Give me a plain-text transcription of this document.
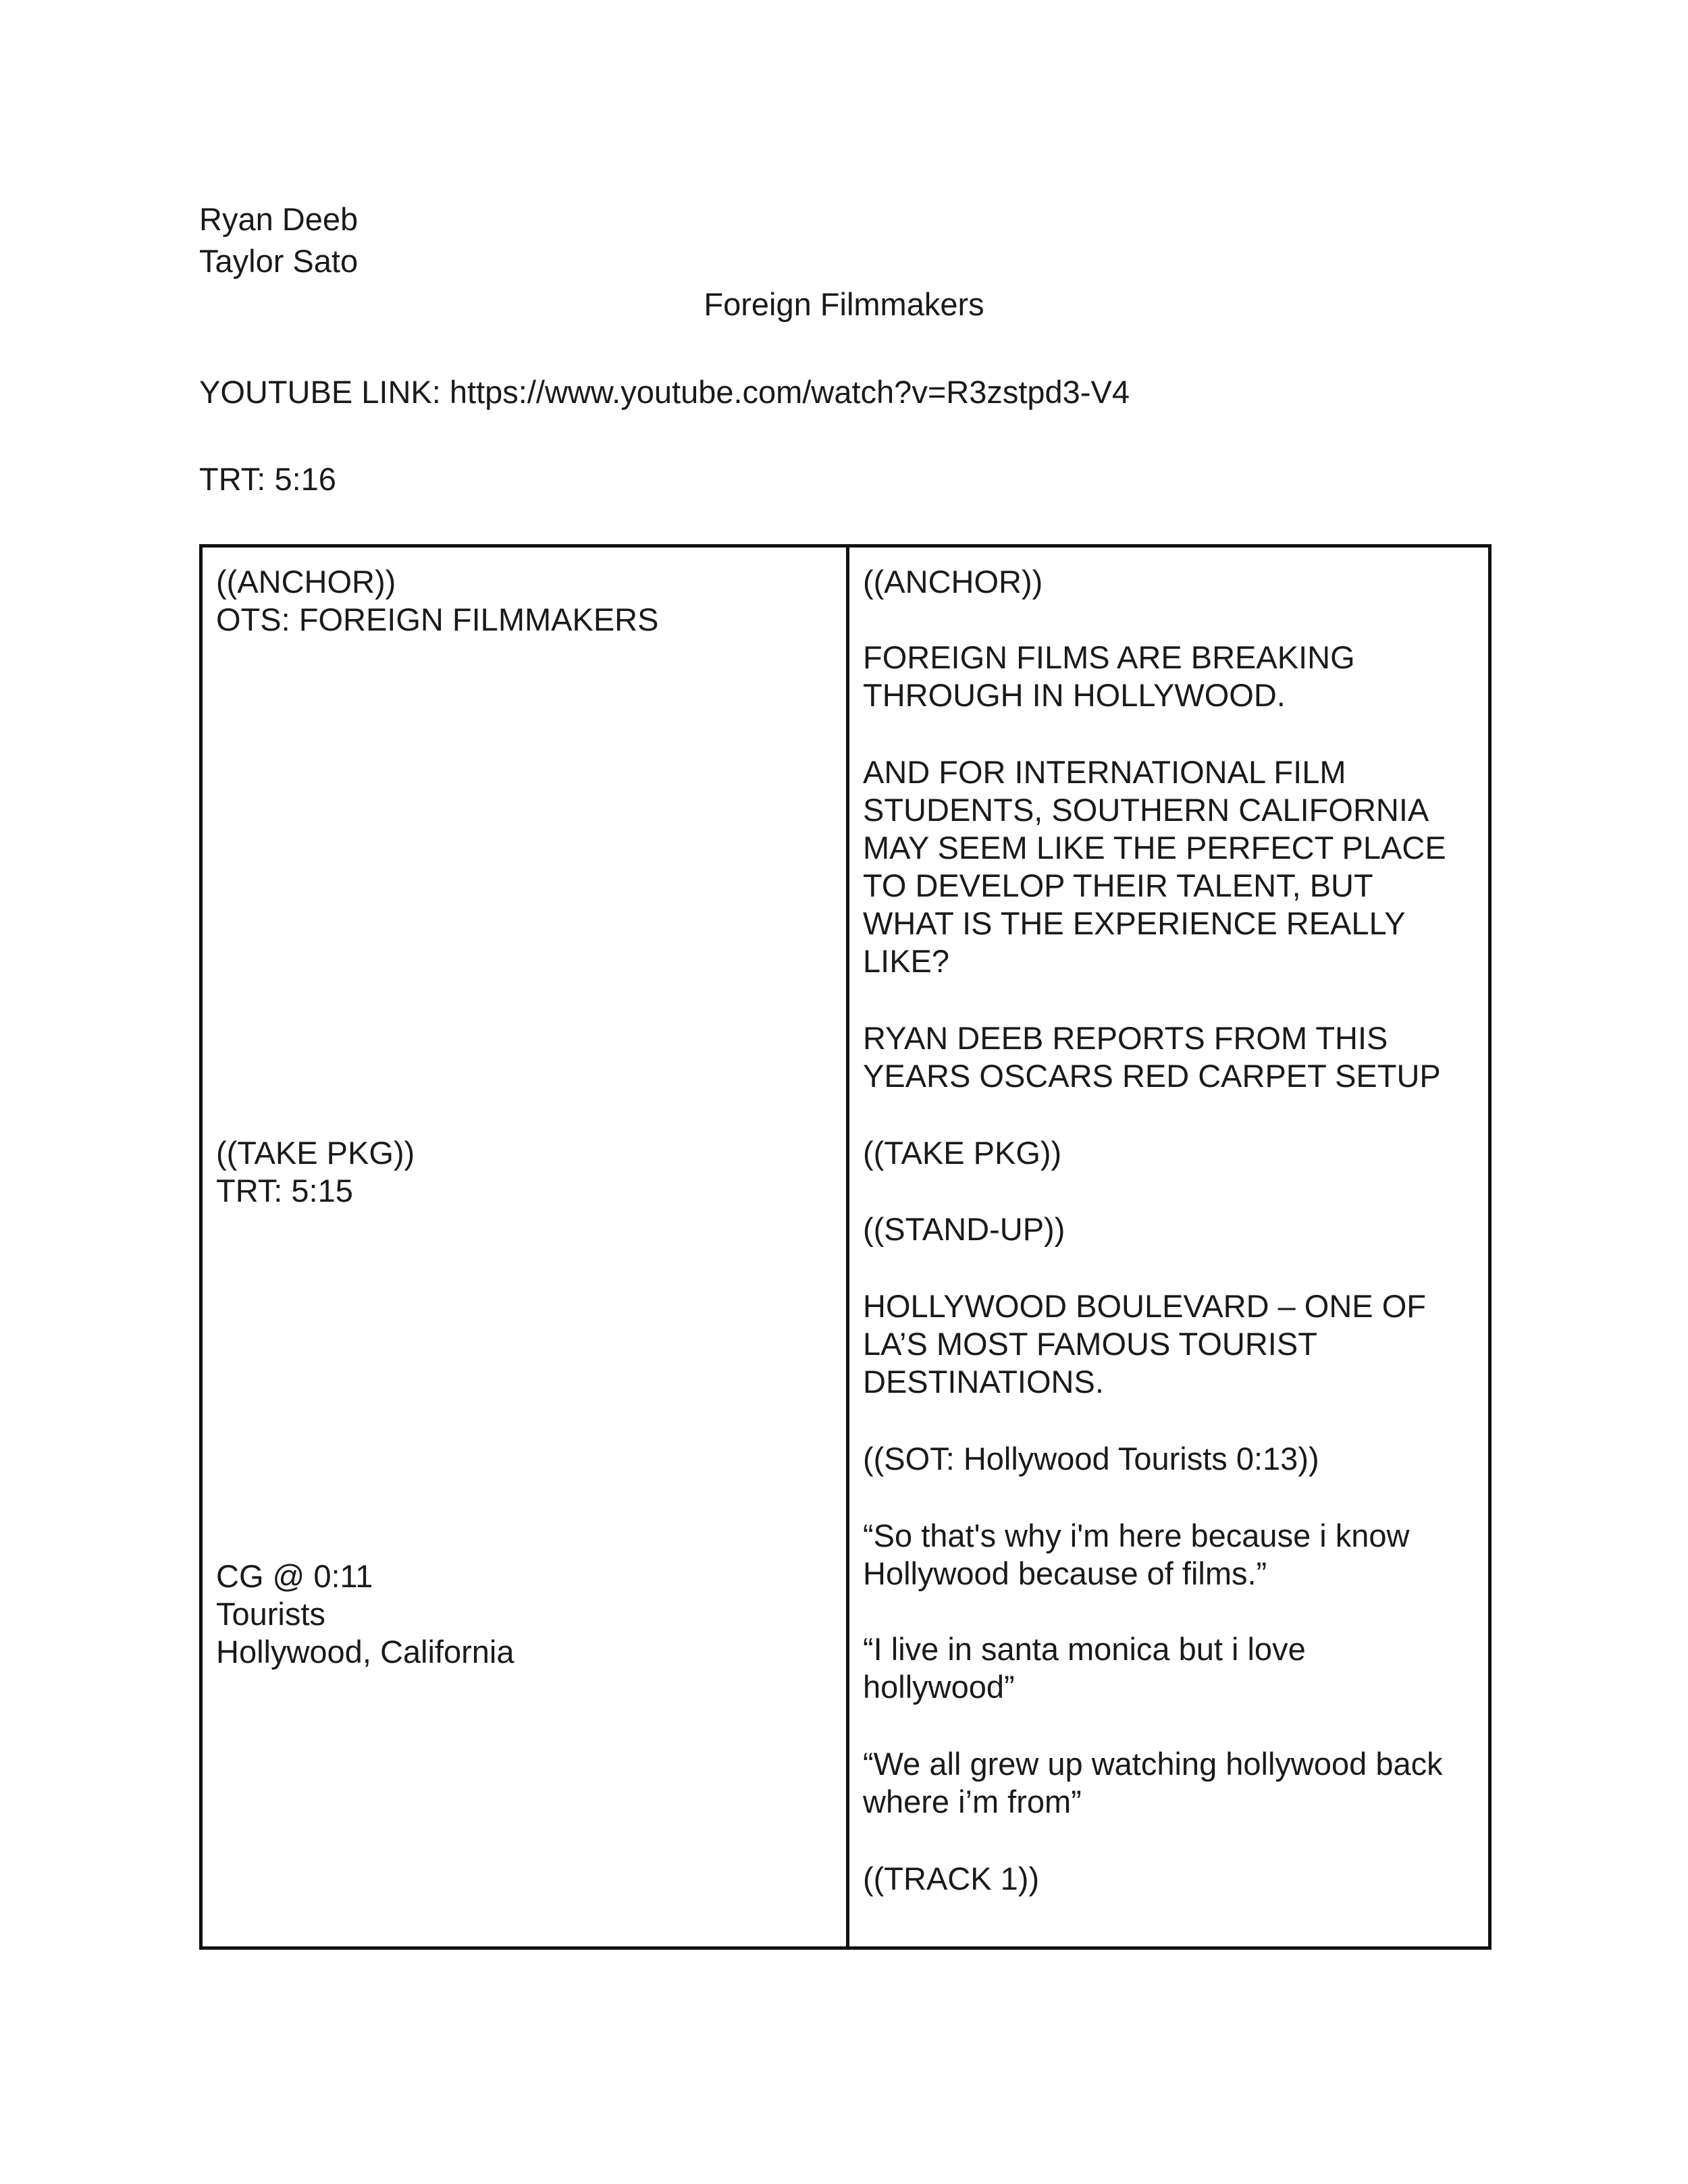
Ryan Deeb
Taylor Sato
Foreign Filmmakers
YOUTUBE LINK: https://www.youtube.com/watch?v=R3zstpd3-V4
TRT: 5:16
((ANCHOR))
OTS: FOREIGN FILMMAKERS
((TAKE PKG))
TRT: 5:15
CG @ 0:11
Tourists
Hollywood, California
((ANCHOR))
FOREIGN FILMS ARE BREAKING
THROUGH IN HOLLYWOOD.
AND FOR INTERNATIONAL FILM
STUDENTS, SOUTHERN CALIFORNIA
MAY SEEM LIKE THE PERFECT PLACE
TO DEVELOP THEIR TALENT, BUT
WHAT IS THE EXPERIENCE REALLY
LIKE?
RYAN DEEB REPORTS FROM THIS
YEARS OSCARS RED CARPET SETUP
((TAKE PKG))
((STAND-UP))
HOLLYWOOD BOULEVARD – ONE OF
LA’S MOST FAMOUS TOURIST
DESTINATIONS.
((SOT: Hollywood Tourists 0:13))
“So that's why i'm here because i know
Hollywood because of films.”
“I live in santa monica but i love
hollywood”
“We all grew up watching hollywood back
where i’m from”
((TRACK 1))
